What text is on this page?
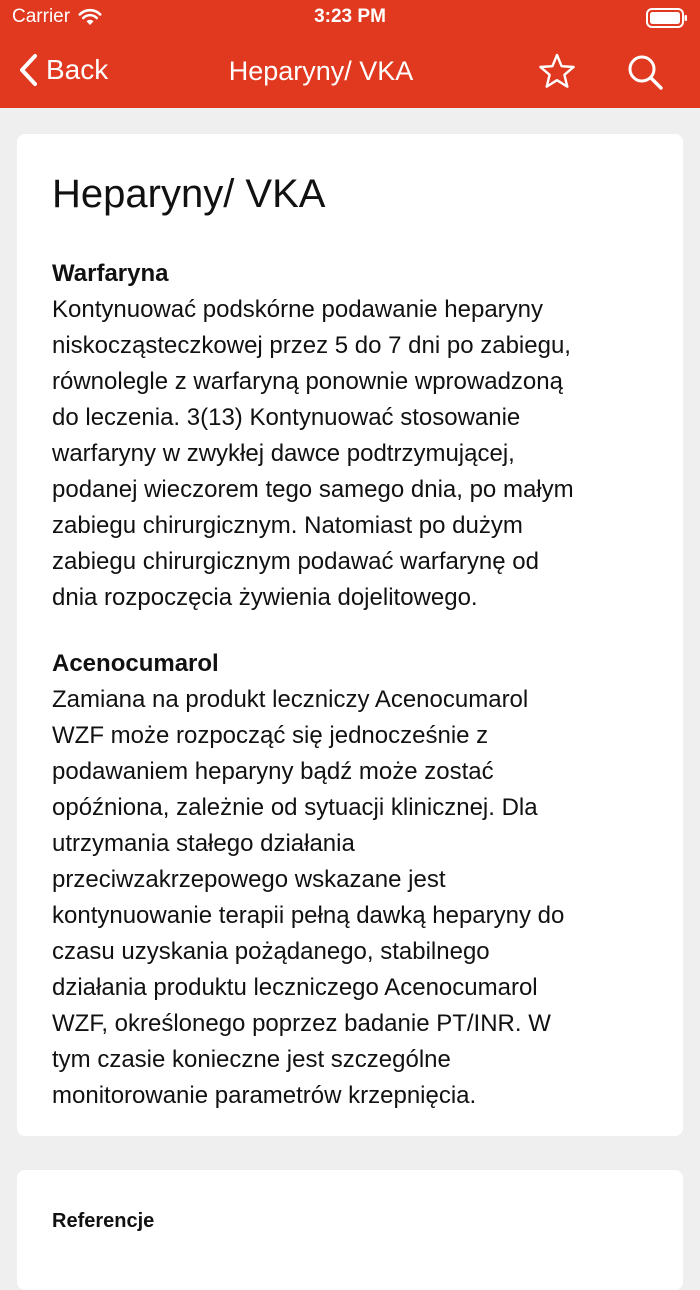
Carrier	3:23 PM
Back	Heparyny/ VKA
Heparyny/ VKA
Warfaryna
Kontynuować podskórne podawanie heparyny
niskocząsteczkowej przez 5 do 7 dni po zabiegu,
równolegle z warfaryną ponownie wprowadzoną
do leczenia. 3(13) Kontynuować stosowanie
warfaryny w zwykłej dawce podtrzymującej,
podanej wieczorem tego samego dnia, po małym
zabiegu chirurgicznym. Natomiast po dużym
zabiegu chirurgicznym podawać warfarynę od
dnia rozpoczęcia żywienia dojelitowego.
Acenocumarol
Zamiana na produkt leczniczy Acenocumarol
WZF może rozpocząć się jednocześnie z
podawaniem heparyny bądź może zostać
opóźniona, zależnie od sytuacji klinicznej. Dla
utrzymania stałego działania
przeciwzakrzepowego wskazane jest
kontynuowanie terapii pełną dawką heparyny do
czasu uzyskania pożądanego, stabilnego
działania produktu leczniczego Acenocumarol
WZF, określonego poprzez badanie PT/INR. W
tym czasie konieczne jest szczególne
monitorowanie parametrów krzepnięcia.
Referencje
